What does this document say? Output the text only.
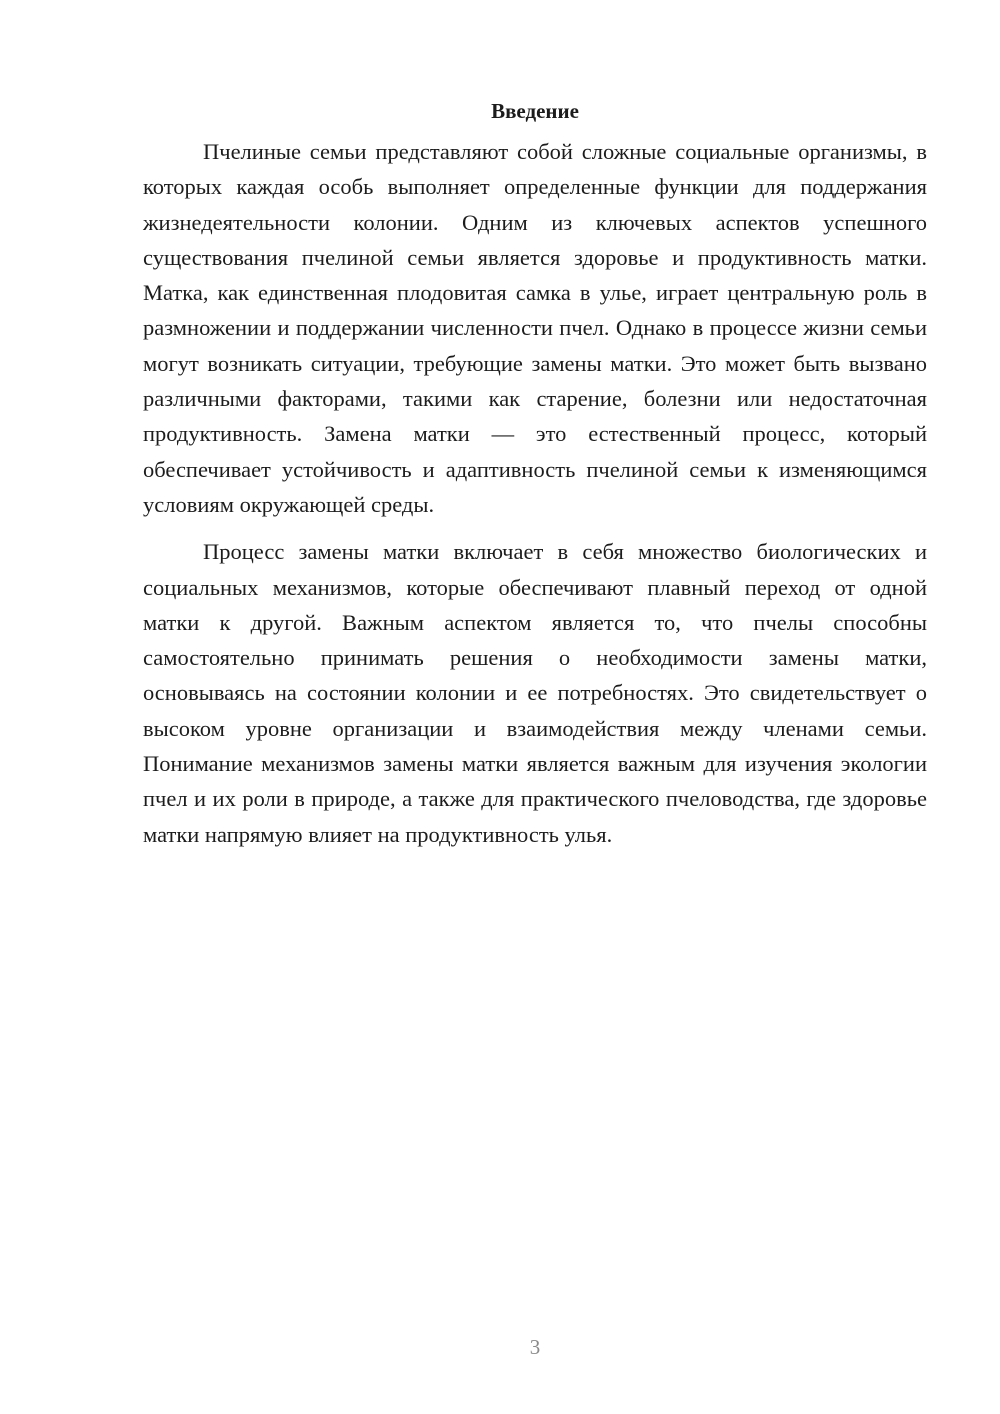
Введение

Пчелиные семьи представляют собой сложные социальные организмы, в которых каждая особь выполняет определенные функции для поддержания жизнедеятельности колонии. Одним из ключевых аспектов успешного существования пчелиной семьи является здоровье и продуктивность матки. Матка, как единственная плодовитая самка в улье, играет центральную роль в размножении и поддержании численности пчел. Однако в процессе жизни семьи могут возникать ситуации, требующие замены матки. Это может быть вызвано различными факторами, такими как старение, болезни или недостаточная продуктивность. Замена матки — это естественный процесс, который обеспечивает устойчивость и адаптивность пчелиной семьи к изменяющимся условиям окружающей среды.

Процесс замены матки включает в себя множество биологических и социальных механизмов, которые обеспечивают плавный переход от одной матки к другой. Важным аспектом является то, что пчелы способны самостоятельно принимать решения о необходимости замены матки, основываясь на состоянии колонии и ее потребностях. Это свидетельствует о высоком уровне организации и взаимодействия между членами семьи. Понимание механизмов замены матки является важным для изучения экологии пчел и их роли в природе, а также для практического пчеловодства, где здоровье матки напрямую влияет на продуктивность улья.

3
